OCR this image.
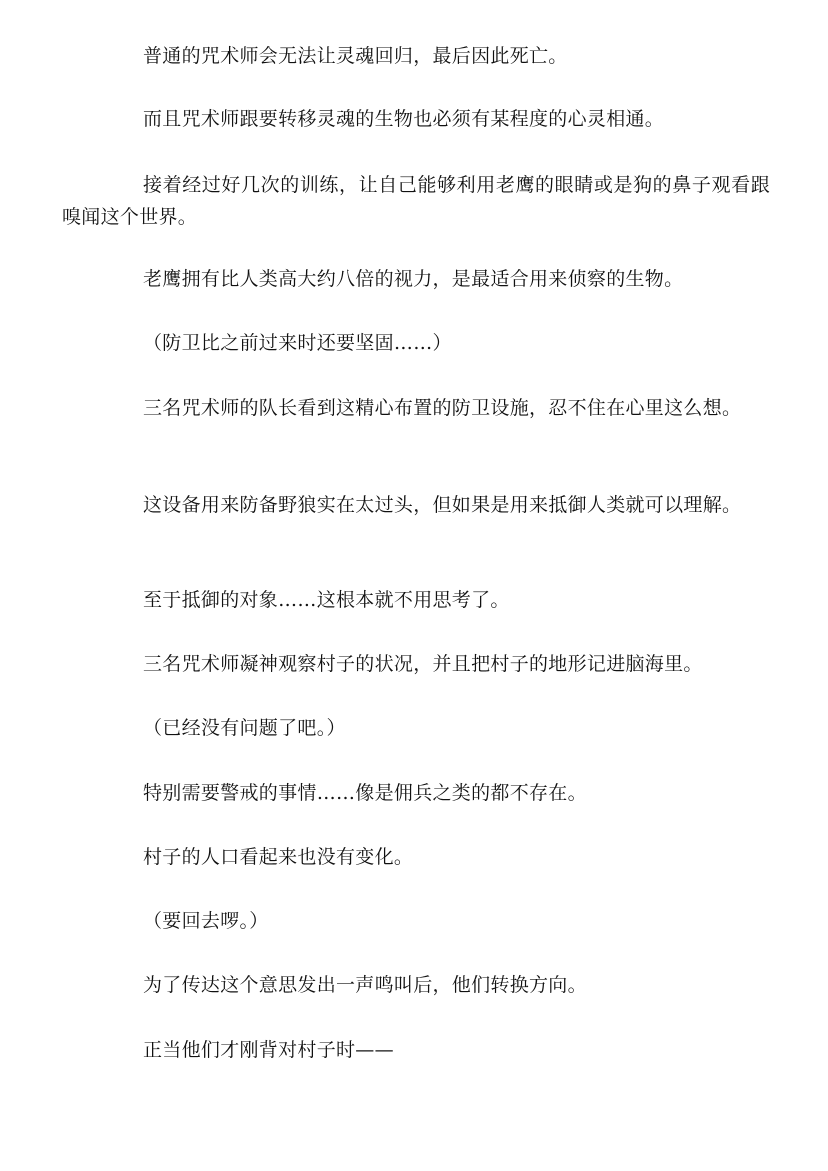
普通的咒术师会无法让灵魂回归，最后因此死亡。

而且咒术师跟要转移灵魂的生物也必须有某程度的心灵相通。

接着经过好几次的训练，让自己能够利用老鹰的眼睛或是狗的鼻子观看跟嗅闻这个世界。

老鹰拥有比人类高大约八倍的视力，是最适合用来侦察的生物。

（防卫比之前过来时还要坚固……）

三名咒术师的队长看到这精心布置的防卫设施，忍不住在心里这么想。

这设备用来防备野狼实在太过头，但如果是用来抵御人类就可以理解。

至于抵御的对象……这根本就不用思考了。

三名咒术师凝神观察村子的状况，并且把村子的地形记进脑海里。

（已经没有问题了吧。）

特别需要警戒的事情……像是佣兵之类的都不存在。

村子的人口看起来也没有变化。

（要回去啰。）

为了传达这个意思发出一声鸣叫后，他们转换方向。

正当他们才刚背对村子时——
